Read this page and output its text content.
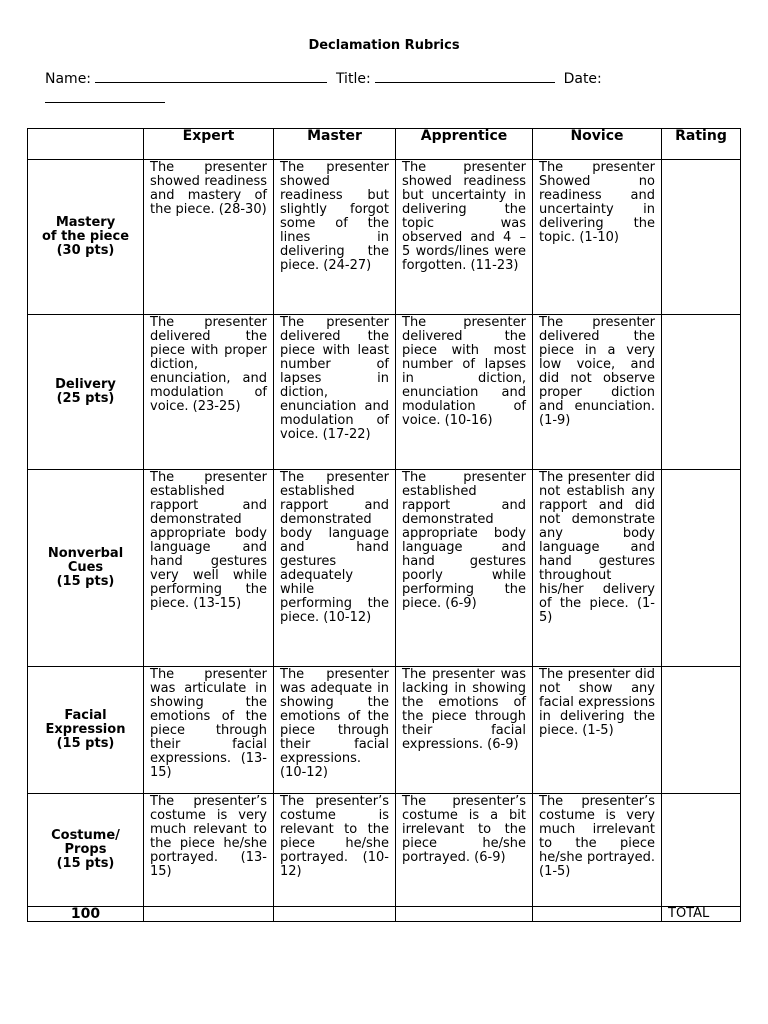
Declamation Rubrics
Name:	Title:	Date:

	Expert	Master	Apprentice	Novice	Rating

Mastery
of the piece
(30 pts)	The presenter showed readiness and mastery of the piece. (28-30)	The presenter showed readiness but slightly forgot some of the lines in delivering the piece. (24-27)	The presenter showed readiness but uncertainty in delivering the topic was observed and 4 – 5 words/lines were forgotten. (11-23)	The presenter Showed no readiness and uncertainty in delivering the topic. (1-10)	

Delivery
(25 pts)	The presenter delivered the piece with proper diction, enunciation, and modulation of voice. (23-25)	The presenter delivered the piece with least number of lapses in diction, enunciation and modulation of voice. (17-22)	The presenter delivered the piece with most number of lapses in diction, enunciation and modulation of voice. (10-16)	The presenter delivered the piece in a very low voice, and did not observe proper diction and enunciation. (1-9)	

Nonverbal
Cues
(15 pts)	The presenter established rapport and demonstrated appropriate body language and hand gestures very well while performing the piece. (13-15)	The presenter established rapport and demonstrated body language and hand gestures adequately while performing the piece. (10-12)	The presenter established rapport and demonstrated appropriate body language and hand gestures poorly while performing the piece. (6-9)	The presenter did not establish any rapport and did not demonstrate any body language and hand gestures throughout his/her delivery of the piece. (1-5)	

Facial
Expression
(15 pts)	The presenter was articulate in showing the emotions of the piece through their facial expressions. (13-15)	The presenter was adequate in showing the emotions of the piece through their facial expressions. (10-12)	The presenter was lacking in showing the emotions of the piece through their facial expressions. (6-9)	The presenter did not show any facial expressions in delivering the piece. (1-5)	

Costume/
Props
(15 pts)	The presenter’s costume is very much relevant to the piece he/she portrayed. (13-15)	The presenter’s costume is relevant to the piece he/she portrayed. (10-12)	The presenter’s costume is a bit irrelevant to the piece he/she portrayed. (6-9)	The presenter’s costume is very much irrelevant to the piece he/she portrayed. (1-5)	
100					TOTAL
